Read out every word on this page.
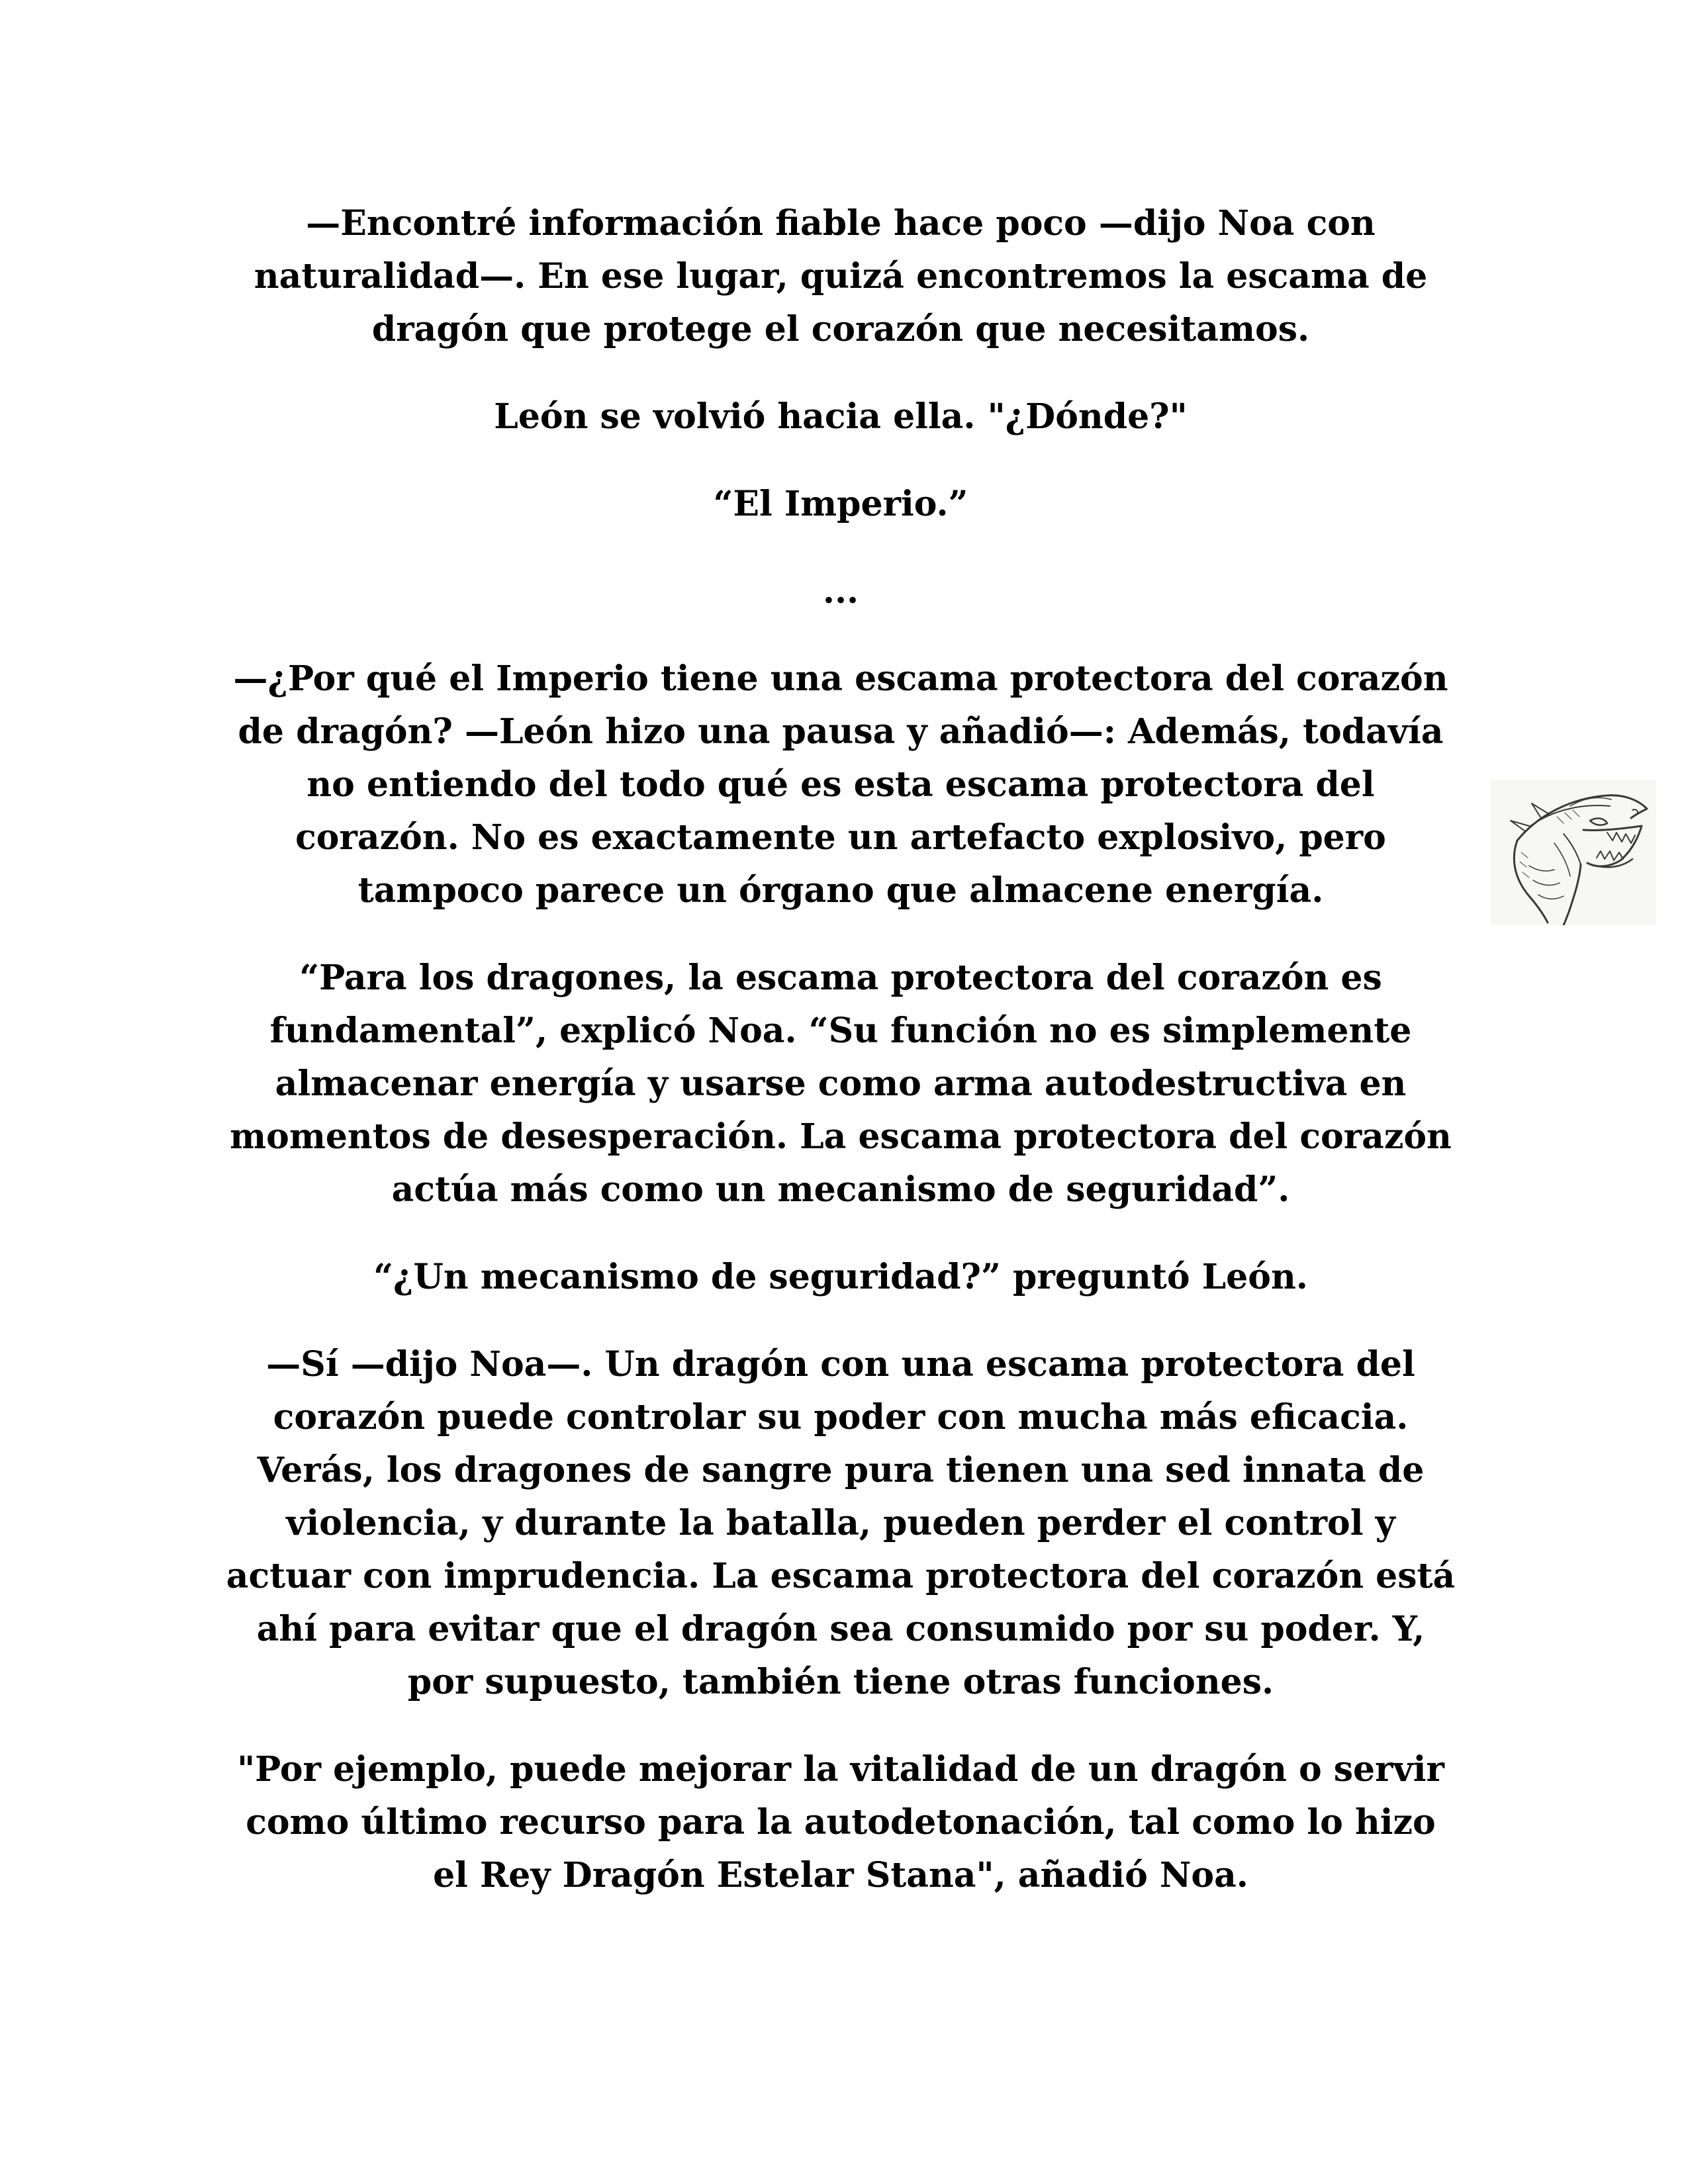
—Encontré información fiable hace poco —dijo Noa con naturalidad—. En ese lugar, quizá encontremos la escama de dragón que protege el corazón que necesitamos.

León se volvió hacia ella. "¿Dónde?"

“El Imperio.”

...

—¿Por qué el Imperio tiene una escama protectora del corazón de dragón? —León hizo una pausa y añadió—: Además, todavía no entiendo del todo qué es esta escama protectora del corazón. No es exactamente un artefacto explosivo, pero tampoco parece un órgano que almacene energía.

“Para los dragones, la escama protectora del corazón es fundamental”, explicó Noa. “Su función no es simplemente almacenar energía y usarse como arma autodestructiva en momentos de desesperación. La escama protectora del corazón actúa más como un mecanismo de seguridad”.

“¿Un mecanismo de seguridad?” preguntó León.

—Sí —dijo Noa—. Un dragón con una escama protectora del corazón puede controlar su poder con mucha más eficacia. Verás, los dragones de sangre pura tienen una sed innata de violencia, y durante la batalla, pueden perder el control y actuar con imprudencia. La escama protectora del corazón está ahí para evitar que el dragón sea consumido por su poder. Y, por supuesto, también tiene otras funciones.

"Por ejemplo, puede mejorar la vitalidad de un dragón o servir como último recurso para la autodetonación, tal como lo hizo el Rey Dragón Estelar Stana", añadió Noa.
